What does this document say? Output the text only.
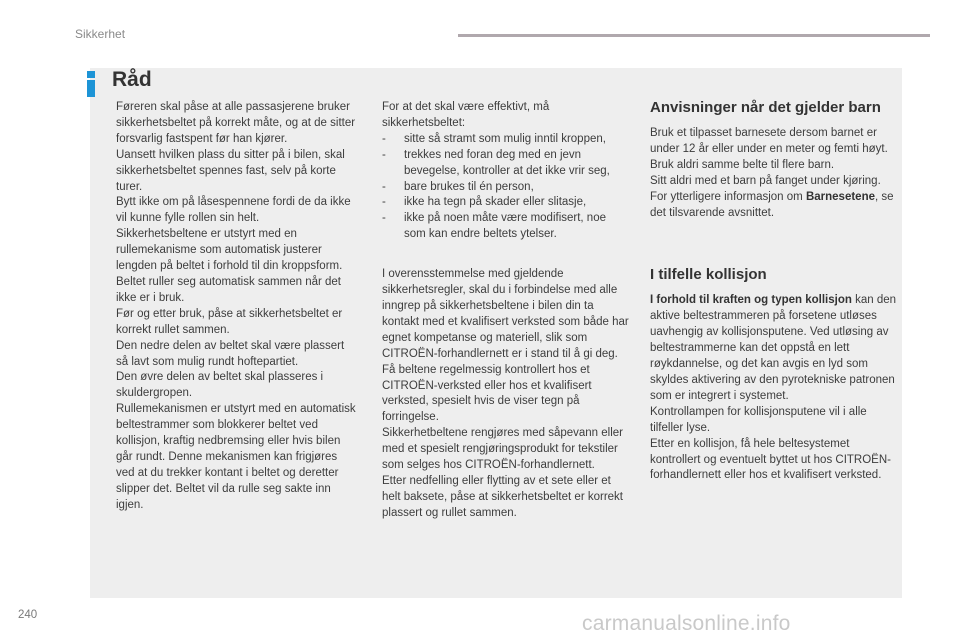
Sikkerhet
Råd

Føreren skal påse at alle passasjerene bruker sikkerhetsbeltet på korrekt måte, og at de sitter forsvarlig fastspent før han kjører.

Uansett hvilken plass du sitter på i bilen, skal sikkerhetsbeltet spennes fast, selv på korte turer.

Bytt ikke om på låsespennene fordi de da ikke vil kunne fylle rollen sin helt.

Sikkerhetsbeltene er utstyrt med en rullemekanisme som automatisk justerer lengden på beltet i forhold til din kroppsform. Beltet ruller seg automatisk sammen når det ikke er i bruk.

Før og etter bruk, påse at sikkerhetsbeltet er korrekt rullet sammen.

Den nedre delen av beltet skal være plassert så lavt som mulig rundt hoftepartiet.

Den øvre delen av beltet skal plasseres i skuldergropen.

Rullemekanismen er utstyrt med en automatisk beltestrammer som blokkerer beltet ved kollisjon, kraftig nedbremsing eller hvis bilen går rundt. Denne mekanismen kan frigjøres ved at du trekker kontant i beltet og deretter slipper det. Beltet vil da rulle seg sakte inn igjen.

For at det skal være effektivt, må sikkerhetsbeltet:

- sitte så stramt som mulig inntil kroppen,
- trekkes ned foran deg med en jevn bevegelse, kontroller at det ikke vrir seg,
- bare brukes til én person,
- ikke ha tegn på skader eller slitasje,
- ikke på noen måte være modifisert, noe som kan endre beltets ytelser.

I overensstemmelse med gjeldende sikkerhetsregler, skal du i forbindelse med alle inngrep på sikkerhetsbeltene i bilen din ta kontakt med et kvalifisert verksted som både har egnet kompetanse og materiell, slik som CITROËN-forhandlernett er i stand til å gi deg.

Få beltene regelmessig kontrollert hos et CITROËN-verksted eller hos et kvalifisert verksted, spesielt hvis de viser tegn på forringelse.

Sikkerhetbeltene rengjøres med såpevann eller med et spesielt rengjøringsprodukt for tekstiler som selges hos CITROËN-forhandlernett.

Etter nedfelling eller flytting av et sete eller et helt baksete, påse at sikkerhetsbeltet er korrekt plassert og rullet sammen.

Anvisninger når det gjelder barn

Bruk et tilpasset barnesete dersom barnet er under 12 år eller under en meter og femti høyt.

Bruk aldri samme belte til flere barn.

Sitt aldri med et barn på fanget under kjøring.

For ytterligere informasjon om Barnesetene, se det tilsvarende avsnittet.

I tilfelle kollisjon

I forhold til kraften og typen kollisjon kan den aktive beltestrammeren på forsetene utløses uavhengig av kollisjonsputene. Ved utløsing av beltestrammerne kan det oppstå en lett røykdannelse, og det kan avgis en lyd som skyldes aktivering av den pyrotekniske patronen som er integrert i systemet.

Kontrollampen for kollisjonsputene vil i alle tilfeller lyse.

Etter en kollisjon, få hele beltesystemet kontrollert og eventuelt byttet ut hos CITROËN-forhandlernett eller hos et kvalifisert verksted.

240	carmanualsonline.info
